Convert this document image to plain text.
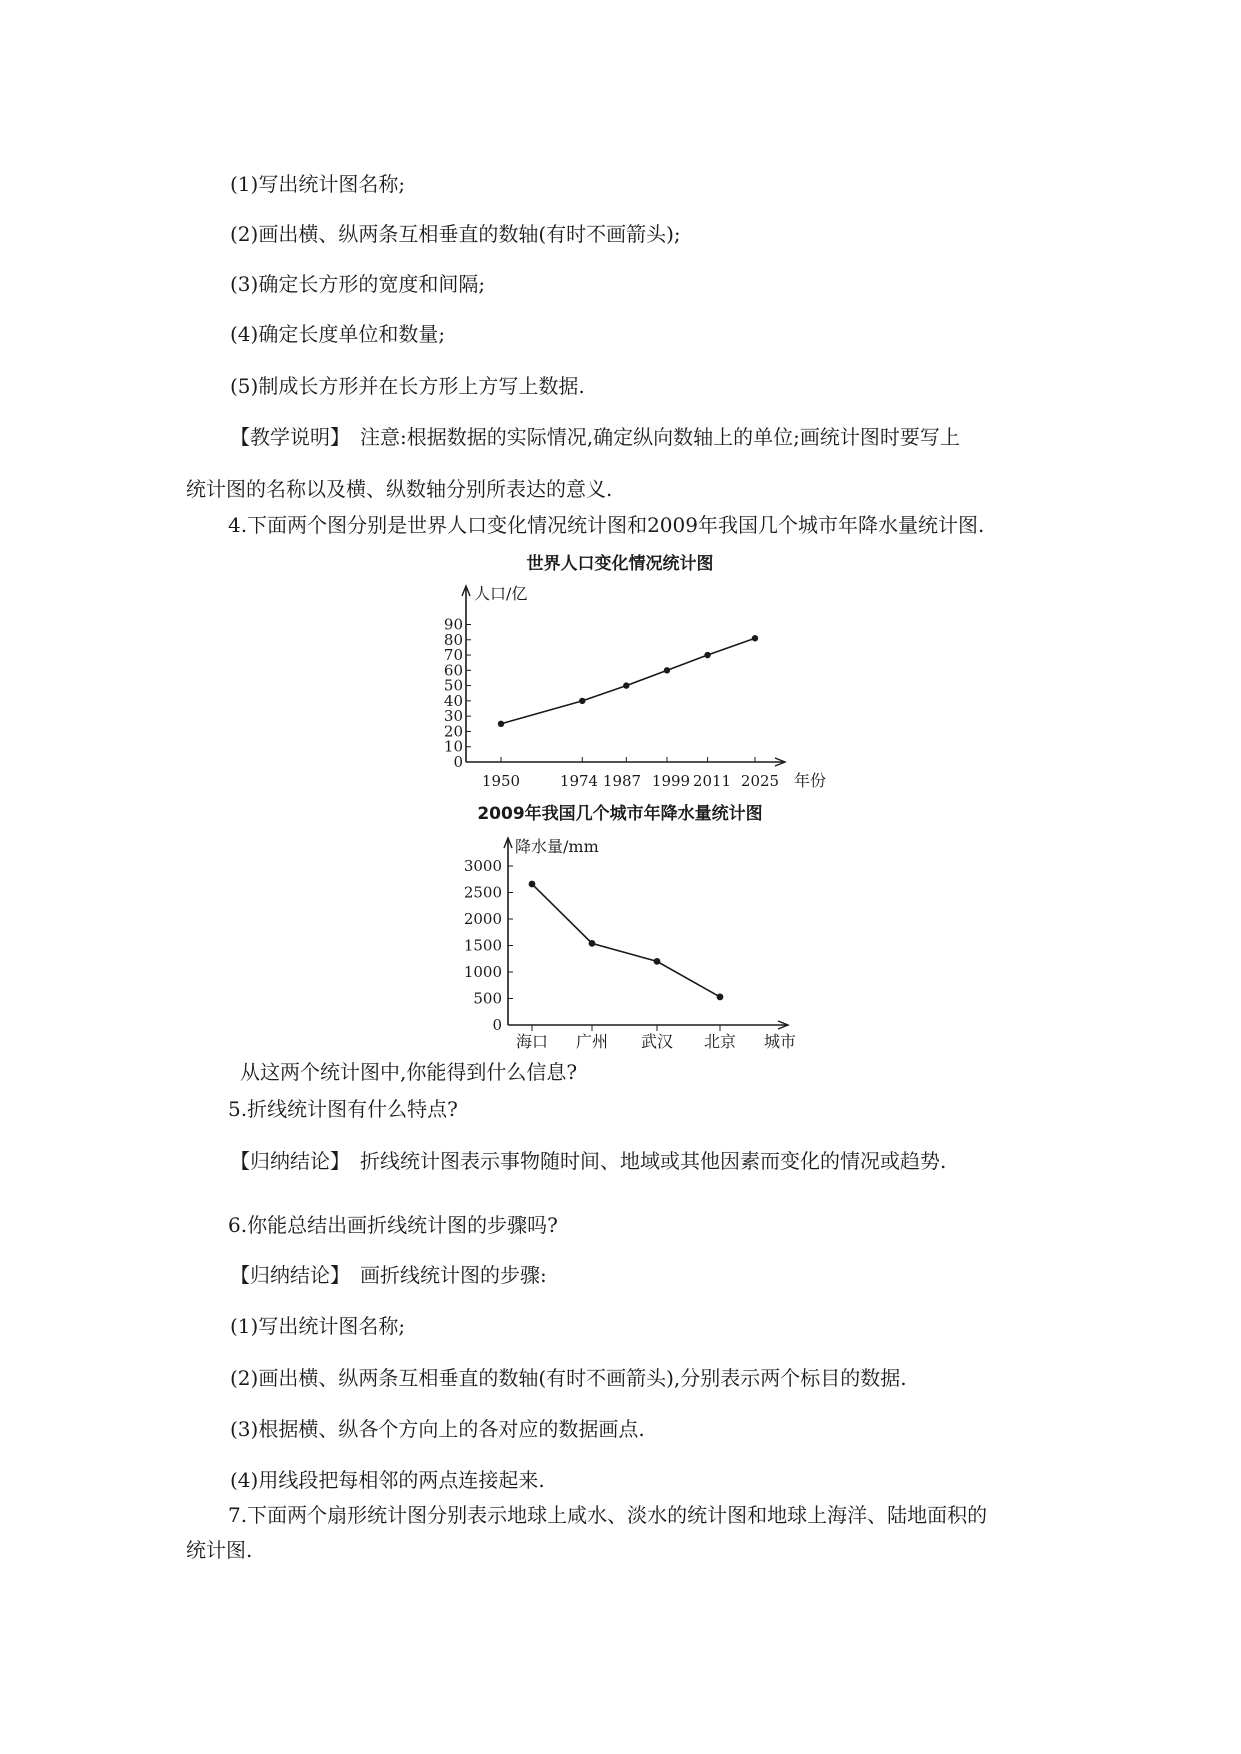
(1)写出统计图名称;
(2)画出横、纵两条互相垂直的数轴(有时不画箭头);
(3)确定长方形的宽度和间隔;
(4)确定长度单位和数量;
(5)制成长方形并在长方形上方写上数据.
【教学说明】　注意:根据数据的实际情况,确定纵向数轴上的单位;画统计图时要写上
统计图的名称以及横、纵数轴分别所表达的意义.
4.下面两个图分别是世界人口变化情况统计图和2009年我国几个城市年降水量统计图.
世界人口变化情况统计图
0
10
20
30
40
50
60
70
80
90
1950	1974 1987 1999 2011 2025
人口/亿
年份
2009年我国几个城市年降水量统计图
0
500
1000
1500
2000
2500
3000
海口 广州 武汉 北京
降水量/mm
城市
从这两个统计图中,你能得到什么信息?
5.折线统计图有什么特点?
【归纳结论】　折线统计图表示事物随时间、地域或其他因素而变化的情况或趋势.
6.你能总结出画折线统计图的步骤吗?
【归纳结论】　画折线统计图的步骤:
(1)写出统计图名称;
(2)画出横、纵两条互相垂直的数轴(有时不画箭头),分别表示两个标目的数据.
(3)根据横、纵各个方向上的各对应的数据画点.
(4)用线段把每相邻的两点连接起来.
7.下面两个扇形统计图分别表示地球上咸水、淡水的统计图和地球上海洋、陆地面积的
统计图.
